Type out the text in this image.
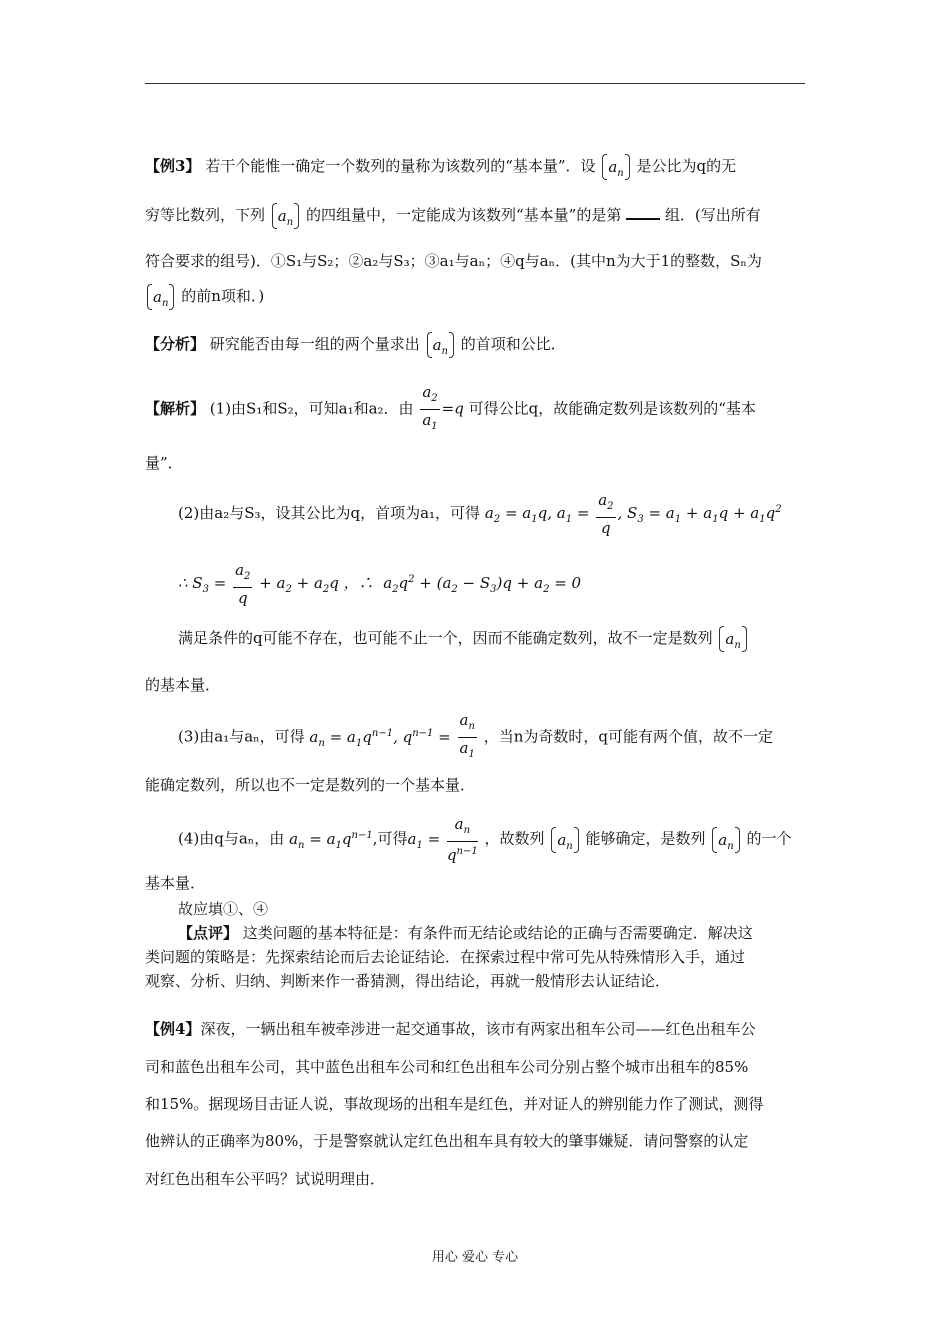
【例3】 若干个能惟一确定一个数列的量称为该数列的“基本量”．设 $a_n$ 是公比为q的无
穷等比数列，下列 $a_n$ 的四组量中，一定能成为该数列“基本量”的是第	组．(写出所有
符合要求的组号)．①S₁与S₂；②a₂与S₃；③a₁与aₙ；④q与aₙ．(其中n为大于1的整数，Sₙ为
$a_n$ 的前n项和．)
【分析】 研究能否由每一组的两个量求出 $a_n$ 的首项和公比．
【解析】 (1)由S₁和S₂，可知a₁和a₂．由 $\frac{a_2}{a_1} =q$ 可得公比q，故能确定数列是该数列的“基本
量”．
(2)由a₂与S₃，设其公比为q，首项为a₁，可得 $a_2 = a_1q$, $a_1 = \frac{a_2}{q}$ , $S_3 = a_1 + a_1q + a_1q^2$
∴ $S_3 = \frac{a_2}{q} + a_2 + a_2q$ ，∴  $a_2q^2 + (a_2 - S_3)q + a_2 = 0$
满足条件的q可能不存在，也可能不止一个，因而不能确定数列，故不一定是数列 $a_n$
的基本量．
(3)由a₁与aₙ，可得 $a_n = a_1q^{n-1}$, $q^{n-1} = \frac{a_n}{a_1}$ ，当n为奇数时，q可能有两个值，故不一定
能确定数列，所以也不一定是数列的一个基本量．
(4)由q与aₙ，由 $a_n = a_1q^{n-1}$,可得$a_1 = \frac{a_n}{q^{n-1}}$ ，故数列 $a_n$ 能够确定，是数列 $a_n$ 的一个
基本量．
故应填①、④
【点评】 这类问题的基本特征是：有条件而无结论或结论的正确与否需要确定．解决这
类问题的策略是：先探索结论而后去论证结论．在探索过程中常可先从特殊情形入手，通过
观察、分析、归纳、判断来作一番猜测，得出结论，再就一般情形去认证结论．
【例4】深夜，一辆出租车被牵涉进一起交通事故，该市有两家出租车公司——红色出租车公
司和蓝色出租车公司，其中蓝色出租车公司和红色出租车公司分别占整个城市出租车的85%
和15%。据现场目击证人说，事故现场的出租车是红色，并对证人的辨别能力作了测试，测得
他辨认的正确率为80%，于是警察就认定红色出租车具有较大的肇事嫌疑．请问警察的认定
对红色出租车公平吗？试说明理由．
用心 爱心 专心
